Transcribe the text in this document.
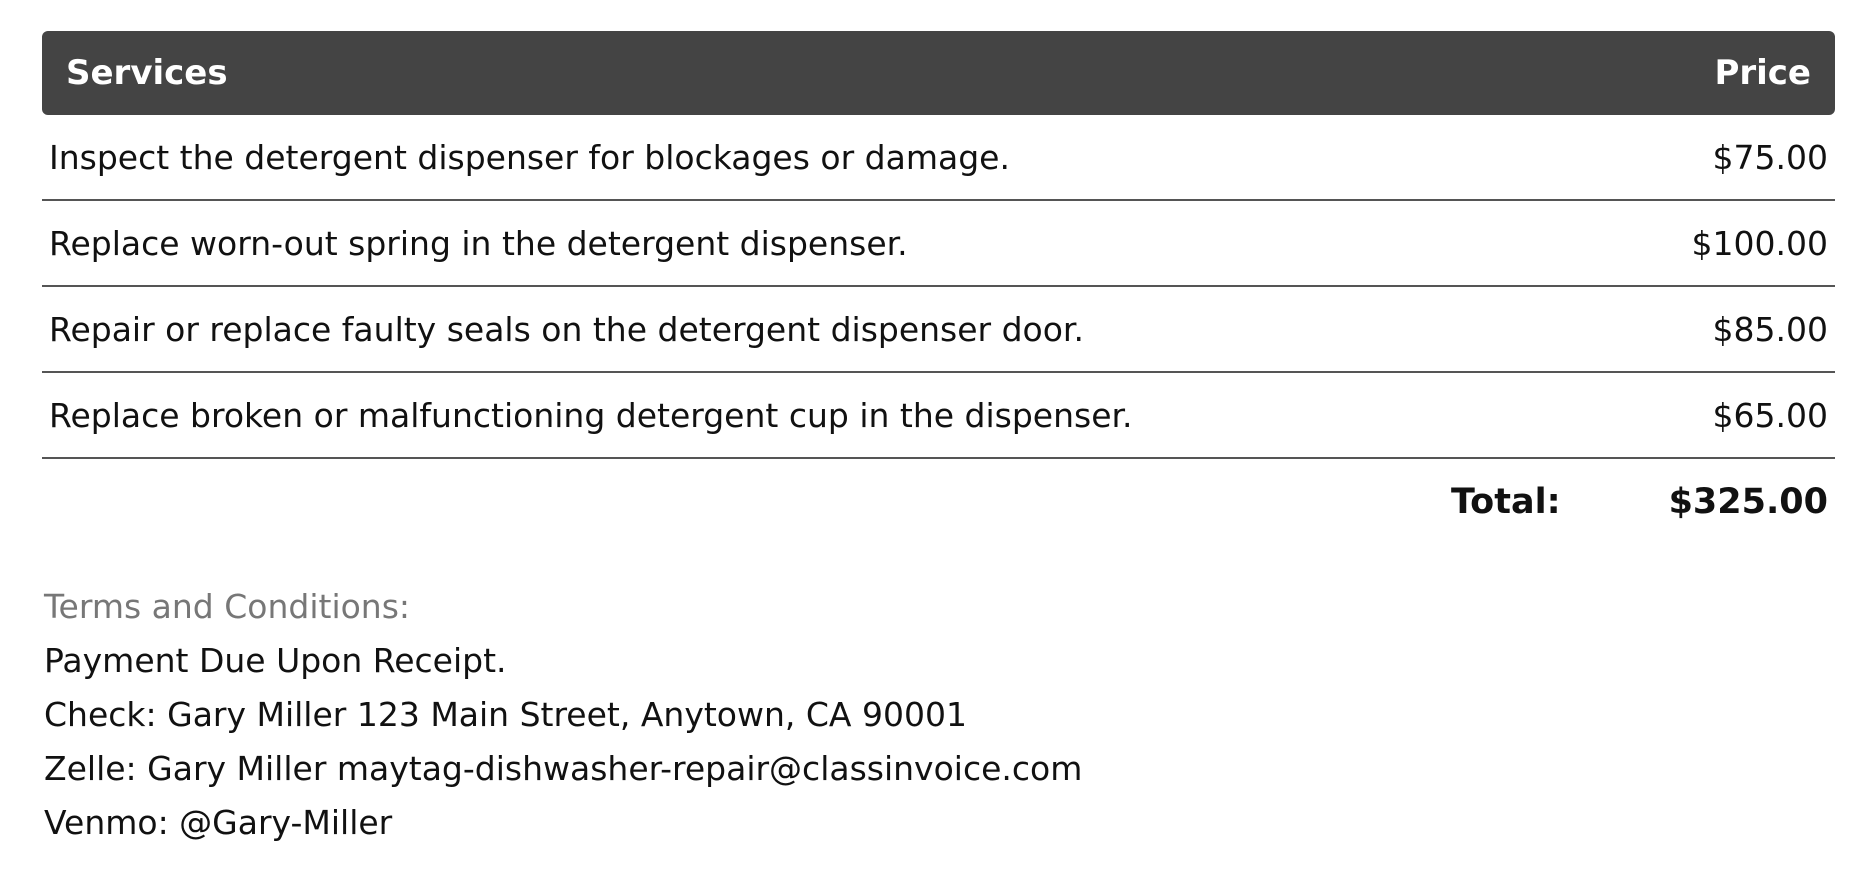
Services	Price
Inspect the detergent dispenser for blockages or damage.	$75.00
Replace worn-out spring in the detergent dispenser.	$100.00
Repair or replace faulty seals on the detergent dispenser door.	$85.00
Replace broken or malfunctioning detergent cup in the dispenser.	$65.00
Total:	$325.00
Terms and Conditions:
Payment Due Upon Receipt.
Check: Gary Miller 123 Main Street, Anytown, CA 90001
Zelle: Gary Miller maytag-dishwasher-repair@classinvoice.com
Venmo: @Gary-Miller
